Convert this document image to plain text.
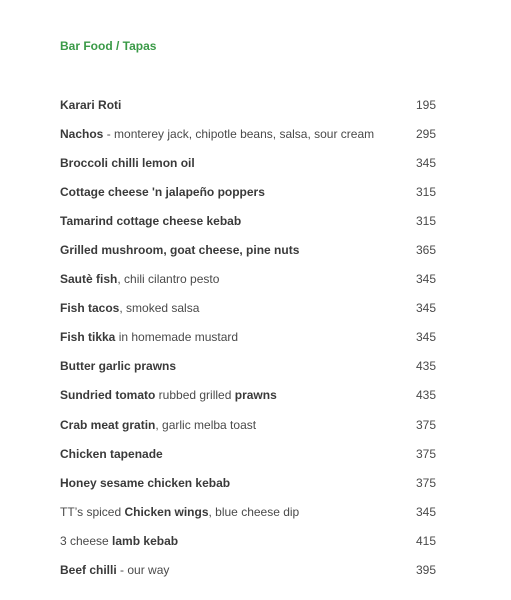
Bar Food / Tapas
Karari Roti	195
Nachos - monterey jack, chipotle beans, salsa, sour cream	295
Broccoli chilli lemon oil	345
Cottage cheese 'n jalapeño poppers	315
Tamarind cottage cheese kebab	315
Grilled mushroom, goat cheese, pine nuts	365
Sautè fish, chili cilantro pesto	345
Fish tacos, smoked salsa	345
Fish tikka in homemade mustard	345
Butter garlic prawns	435
Sundried tomato rubbed grilled prawns	435
Crab meat gratin, garlic melba toast	375
Chicken tapenade	375
Honey sesame chicken kebab	375
TT’s spiced Chicken wings, blue cheese dip	345
3 cheese lamb kebab	415
Beef chilli - our way	395
